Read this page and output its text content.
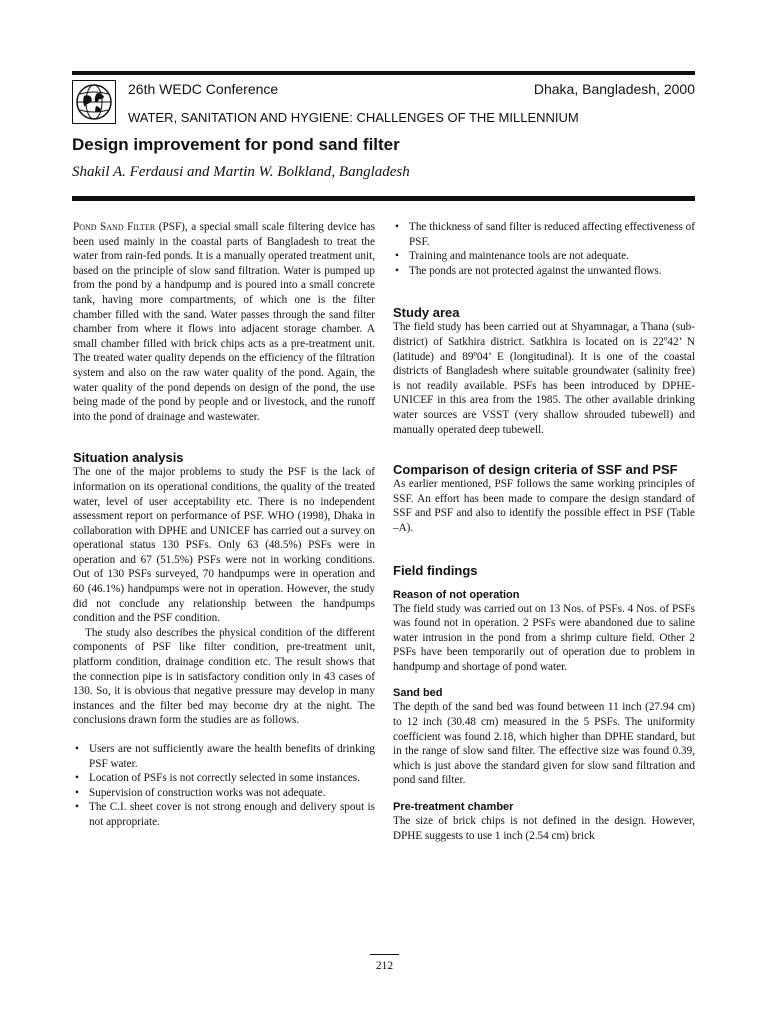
26th WEDC Conference	Dhaka, Bangladesh, 2000
WATER, SANITATION AND HYGIENE: CHALLENGES OF THE MILLENNIUM
Design improvement for pond sand filter

Shakil A. Ferdausi and Martin W. Bolkland, Bangladesh

Pond Sand Filter (PSF), a special small scale filtering device has been used mainly in the coastal parts of Bangladesh to treat the water from rain-fed ponds. It is a manually operated treatment unit, based on the principle of slow sand filtration. Water is pumped up from the pond by a handpump and is poured into a small concrete tank, having more compartments, of which one is the filter chamber filled with the sand. Water passes through the sand filter chamber from where it flows into adjacent storage chamber. A small chamber filled with brick chips acts as a pre-treatment unit. The treated water quality depends on the efficiency of the filtration system and also on the raw water quality of the pond. Again, the water quality of the pond depends on design of the pond, the use being made of the pond by people and or livestock, and the runoff into the pond of drainage and wastewater.

Situation analysis

The one of the major problems to study the PSF is the lack of information on its operational conditions, the quality of the treated water, level of user acceptability etc. There is no independent assessment report on performance of PSF. WHO (1998), Dhaka in collaboration with DPHE and UNICEF has carried out a survey on operational status 130 PSFs. Only 63 (48.5%) PSFs were in operation and 67 (51.5%) PSFs were not in working conditions. Out of 130 PSFs surveyed, 70 handpumps were in operation and 60 (46.1%) handpumps were not in operation. However, the study did not conclude any relationship between the handpumps condition and the PSF condition.

The study also describes the physical condition of the different components of PSF like filter condition, pre-treatment unit, platform condition, drainage condition etc. The result shows that the connection pipe is in satisfactory condition only in 43 cases of 130. So, it is obvious that negative pressure may develop in many instances and the filter bed may become dry at the night. The conclusions drawn form the studies are as follows.

• Users are not sufficiently aware the health benefits of drinking PSF water.
• Location of PSFs is not correctly selected in some instances.
• Supervision of construction works was not adequate.
• The C.I. sheet cover is not strong enough and delivery spout is not appropriate.
• The thickness of sand filter is reduced affecting effectiveness of PSF.
• Training and maintenance tools are not adequate.
• The ponds are not protected against the unwanted flows.
Study area

The field study has been carried out at Shyamnagar, a Thana (sub-district) of Satkhira district. Satkhira is located on is 22º42’ N (latitude) and 89º04’ E (longitudinal). It is one of the coastal districts of Bangladesh where suitable groundwater (salinity free) is not readily available. PSFs has been introduced by DPHE-UNICEF in this area from the 1985. The other available drinking water sources are VSST (very shallow shrouded tubewell) and manually operated deep tubewell.

Comparison of design criteria of SSF and PSF

As earlier mentioned, PSF follows the same working principles of SSF. An effort has been made to compare the design standard of SSF and PSF and also to identify the possible effect in PSF (Table –A).

Field findings
Reason of not operation

The field study was carried out on 13 Nos. of PSFs. 4 Nos. of PSFs was found not in operation. 2 PSFs were abandoned due to saline water intrusion in the pond from a shrimp culture field. Other 2 PSFs have been temporarily out of operation due to problem in handpump and shortage of pond water.

Sand bed

The depth of the sand bed was found between 11 inch (27.94 cm) to 12 inch (30.48 cm) measured in the 5 PSFs. The uniformity coefficient was found 2.18, which higher than DPHE standard, but in the range of slow sand filter. The effective size was found 0.39, which is just above the standard given for slow sand filtration and pond sand filter.

Pre-treatment chamber

The size of brick chips is not defined in the design. However, DPHE suggests to use 1 inch (2.54 cm) brick

212
